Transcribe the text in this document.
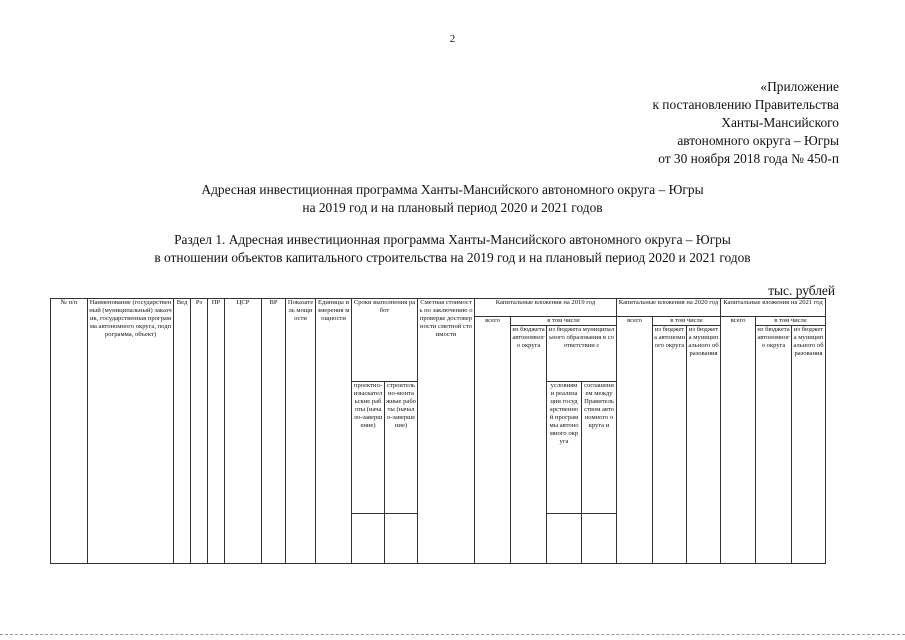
2
«Приложение
к постановлению Правительства
Ханты-Мансийского
автономного округа – Югры
от 30 ноября 2018 года № 450-п
Адресная инвестиционная программа Ханты-Мансийского автономного округа – Югры
на 2019 год и на плановый период 2020 и 2021 годов
Раздел 1. Адресная инвестиционная программа Ханты-Мансийского автономного округа – Югры
в отношении объектов капитального строительства на 2019 год и на плановый период 2020 и 2021 годов
тыс. рублей
№ п/п	Наименование (государственный (муниципальный) заказчик, государственная программа автономного округа, подпрограмма, объект)	Вед	Рз	ПР	ЦСР	ВР	Показатель мощности	Единицы измерения мощности	Сроки выполнения работ		Сметная стоимость по заключению о проверке достоверности сметной стоимости	Капитальные вложения на 2019 год				Капитальные вложения на 2020 год			Капитальные вложения на 2021 год		
												всего	в том числе			всего	в том числе		всего	в том числе	
													из бюджета автономного округа	из бюджета муниципального образования в соответствии с			из бюджета автономного округа	из бюджета муниципального образования		из бюджета автономного округа	из бюджета муниципального образования
									проектно-изыскательские работы (начало-завершение)	строительно-монтажные работы (начало-завершение)				условиями реализации государственной программы автономного округа	соглашением между Правительством автономного округа и						
